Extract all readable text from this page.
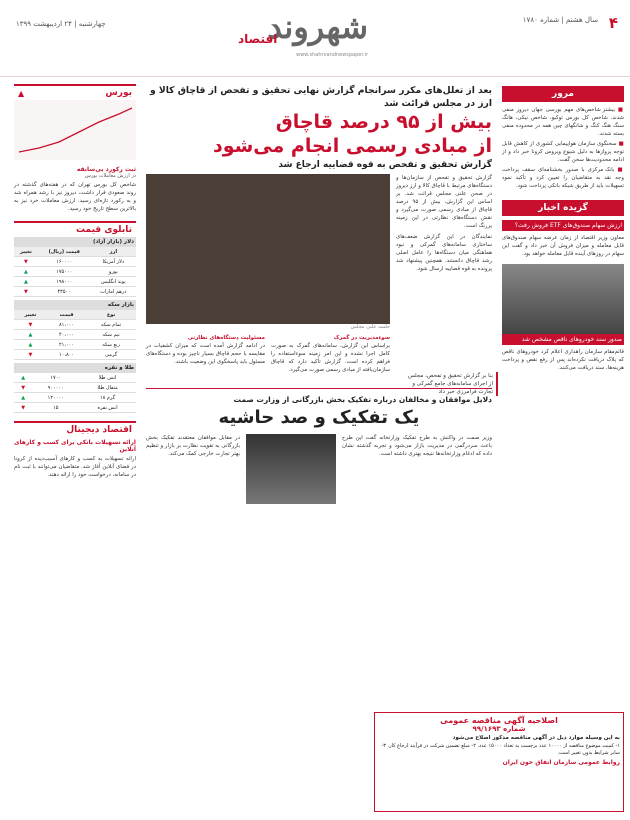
۴
سال هشتم | شماره ۱۷۸۰
شهروند
اقتصاد
www.shahrvandnewspaper.ir
چهارشنبه | ۲۴ اردیبهشت ۱۳۹۹
مرور

■ بیشتر شاخص‌های مهم بورسی جهان دیروز منفی شدند. شاخص کل بورس توکیو، شاخص نیکی، هانگ سنگ هنگ کنگ و شانگهای چین همه در محدوده منفی بسته شدند.

■ سخنگوی سازمان هواپیمایی کشوری از کاهش قابل توجه پروازها به دلیل شیوع ویروس کرونا خبر داد و از ادامه محدودیت‌ها سخن گفت.

■ بانک مرکزی با صدور بخشنامه‌ای سقف پرداخت وجه نقد به متقاضیان را تعیین کرد و تأکید نمود تسهیلات باید از طریق شبکه بانکی پرداخت شود.

گزیده اخبار
ارزش سهام صندوق‌های ETF فروش رفت؟
معاون وزیر اقتصاد از زمان عرضه سهام صندوق‌های قابل معامله و میزان فروش آن خبر داد و گفت این سهام در روزهای آینده قابل معامله خواهد بود.
صدور سند خودروهای ناقص مشخص شد
قائم‌مقام سازمان راهداری اعلام کرد خودروهای ناقص که پلاک دریافت نکرده‌اند پس از رفع نقص و پرداخت هزینه‌ها، سند دریافت می‌کنند.
بورس
▲
ثبت رکورد بی‌سابقه
در ارزش معاملات بورس
شاخص کل بورس تهران که در هفته‌های گذشته در روند صعودی قرار داشت، دیروز نیز با رشد همراه شد و به رکورد تازه‌ای رسید. ارزش معاملات خرد نیز به بالاترین سطح تاریخ خود رسید.
تابلوی قیمت
دلار (بازار آزاد)
ارز	قیمت (ریال)	تغییر
دلار آمریکا	۱۶۰۰۰۰	▼
یورو	۱۷۵۰۰۰	▲
پوند انگلیس	۱۹۸۰۰۰	▲
درهم امارات	۴۳۵۰۰	▼
بازار سکه
نوع	قیمت	تغییر
تمام سکه	۸۱،۰۰۰	▼
نیم سکه	۴۰،۰۰۰	▲
ربع سکه	۲۱،۰۰۰	▲
گرمی	۱۰،۸۰۰	▼
طلا و نقره
انس طلا	۱۷۰۰	▲
مثقال طلا	۹۰۰۰۰۰	▼
گرم ۱۸	۱۲۰۰۰۰	▲
انس نقره	۱۵	▼
اقتصاد دیجیتال
ارائه تسهیلات بانکی برای کسب و کارهای آنلاین
ارائه تسهیلات به کسب و کارهای آسیب‌دیده از کرونا در فضای آنلاین آغاز شد. متقاضیان می‌توانند با ثبت نام در سامانه، درخواست خود را ارائه دهند.
بعد از تعلل‌های مکرر سرانجام گزارش نهایی تحقیق و تفحص از قاچاق کالا و ارز در مجلس قرائت شد
بیش از ۹۵ درصد قاچاق
از مبادی رسمی انجام می‌شود
گزارش تحقیق و تفحص به قوه قضاییه ارجاع شد
گزارش تحقیق و تفحص از سازمان‌ها و دستگاه‌های مرتبط با قاچاق کالا و ارز دیروز در صحن علنی مجلس قرائت شد. بر اساس این گزارش، بیش از ۹۵ درصد قاچاق از مبادی رسمی صورت می‌گیرد و نقش دستگاه‌های نظارتی در این زمینه پررنگ است.
نمایندگان در این گزارش ضعف‌های ساختاری سامانه‌های گمرکی و نبود هماهنگی میان دستگاه‌ها را عامل اصلی رشد قاچاق دانستند. همچنین پیشنهاد شد پرونده به قوه قضاییه ارسال شود.
جلسه علنی مجلس
سوءمدیریت در گمرک
براساس این گزارش، سامانه‌های گمرک به صورت کامل اجرا نشده و این امر زمینه سوءاستفاده را فراهم کرده است. گزارش تأکید دارد که قاچاق سازمان‌یافته از مبادی رسمی صورت می‌گیرد.
مسئولیت دستگاه‌های نظارتی
در ادامه گزارش آمده است که میزان کشفیات در مقایسه با حجم قاچاق بسیار ناچیز بوده و دستگاه‌های مسئول باید پاسخگوی این وضعیت باشند.
دلایل موافقان و مخالفان درباره تفکیک بخش بازرگانی از وزارت صمت
یک تفکیک و صد حاشیه
وزیر صمت در واکنش به طرح تفکیک وزارتخانه گفت این طرح باعث سردرگمی در مدیریت بازار می‌شود و تجربه گذشته نشان داده که ادغام وزارتخانه‌ها نتیجه بهتری داشته است.
در مقابل موافقان معتقدند تفکیک بخش بازرگانی به تقویت نظارت بر بازار و تنظیم بهتر تجارت خارجی کمک می‌کند.
بنا بر گزارش تحقیق و تفحص، مجلس از اجرای سامانه‌های جامع گمرکی و تجارت فرامرزی خبر داد
اصلاحیه آگهی مناقصه عمومی
شماره ۹۹/۱۶۹۳
به این وسیله موارد ذیل در آگهی مناقصه مذکور اصلاح می‌شود
۱- کمیت موضوع مناقصه از ۱۰۰۰۰ عدد برچسب به تعداد ۱۵۰۰۰ عدد. ۲- مبلغ تضمین شرکت در فرآیند ارجاع کار. ۳- سایر شرایط بدون تغییر است.
روابط عمومی سازمان اتفاق خون ایران
